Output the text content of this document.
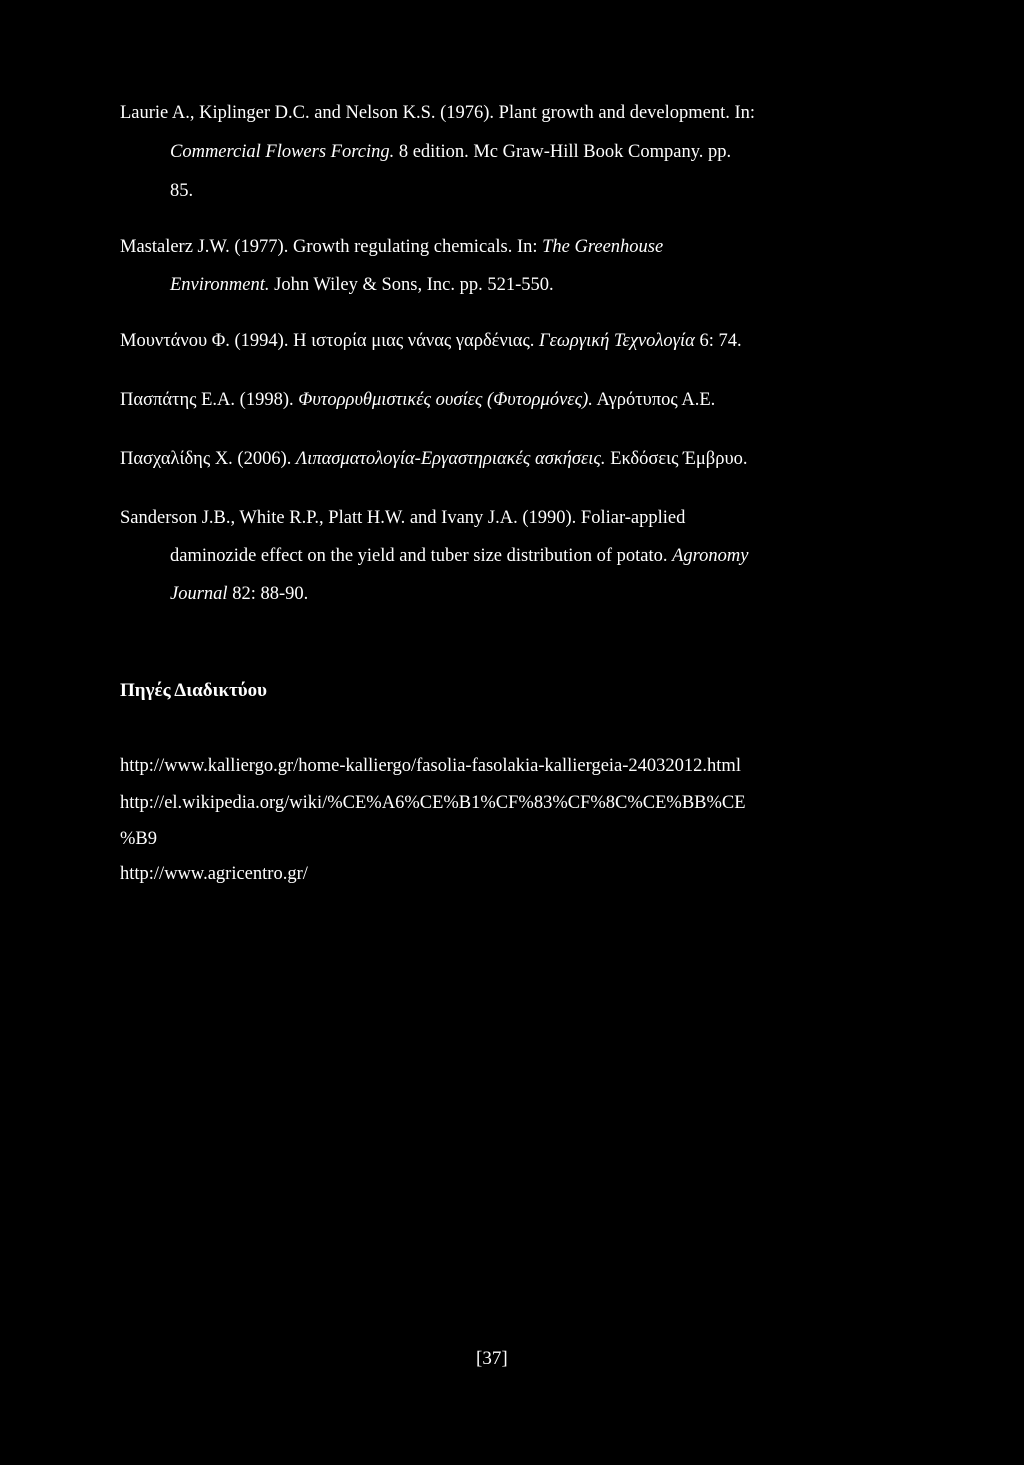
Laurie A., Kiplinger D.C. and Nelson K.S. (1976). Plant growth and development. In:
Commercial Flowers Forcing. 8 edition. Mc Graw-Hill Book Company. pp.
85.
Mastalerz J.W. (1977). Growth regulating chemicals. In: The Greenhouse
Environment. John Wiley & Sons, Inc. pp. 521-550.
Μουντάνου Φ. (1994). Η ιστορία μιας νάνας γαρδένιας. Γεωργική Τεχνολογία 6: 74.
Πασπάτης Ε.Α. (1998). Φυτορρυθμιστικές ουσίες (Φυτορμόνες). Αγρότυπος Α.Ε.
Πασχαλίδης Χ. (2006). Λιπασματολογία-Εργαστηριακές ασκήσεις. Εκδόσεις Έμβρυο.
Sanderson J.B., White R.P., Platt H.W. and Ivany J.A. (1990). Foliar-applied
daminozide effect on the yield and tuber size distribution of potato. Agronomy
Journal 82: 88-90.
Πηγές Διαδικτύου
http://www.kalliergo.gr/home-kalliergo/fasolia-fasolakia-kalliergeia-24032012.html
http://el.wikipedia.org/wiki/%CE%A6%CE%B1%CF%83%CF%8C%CE%BB%CE
%B9
http://www.agricentro.gr/
[37]
